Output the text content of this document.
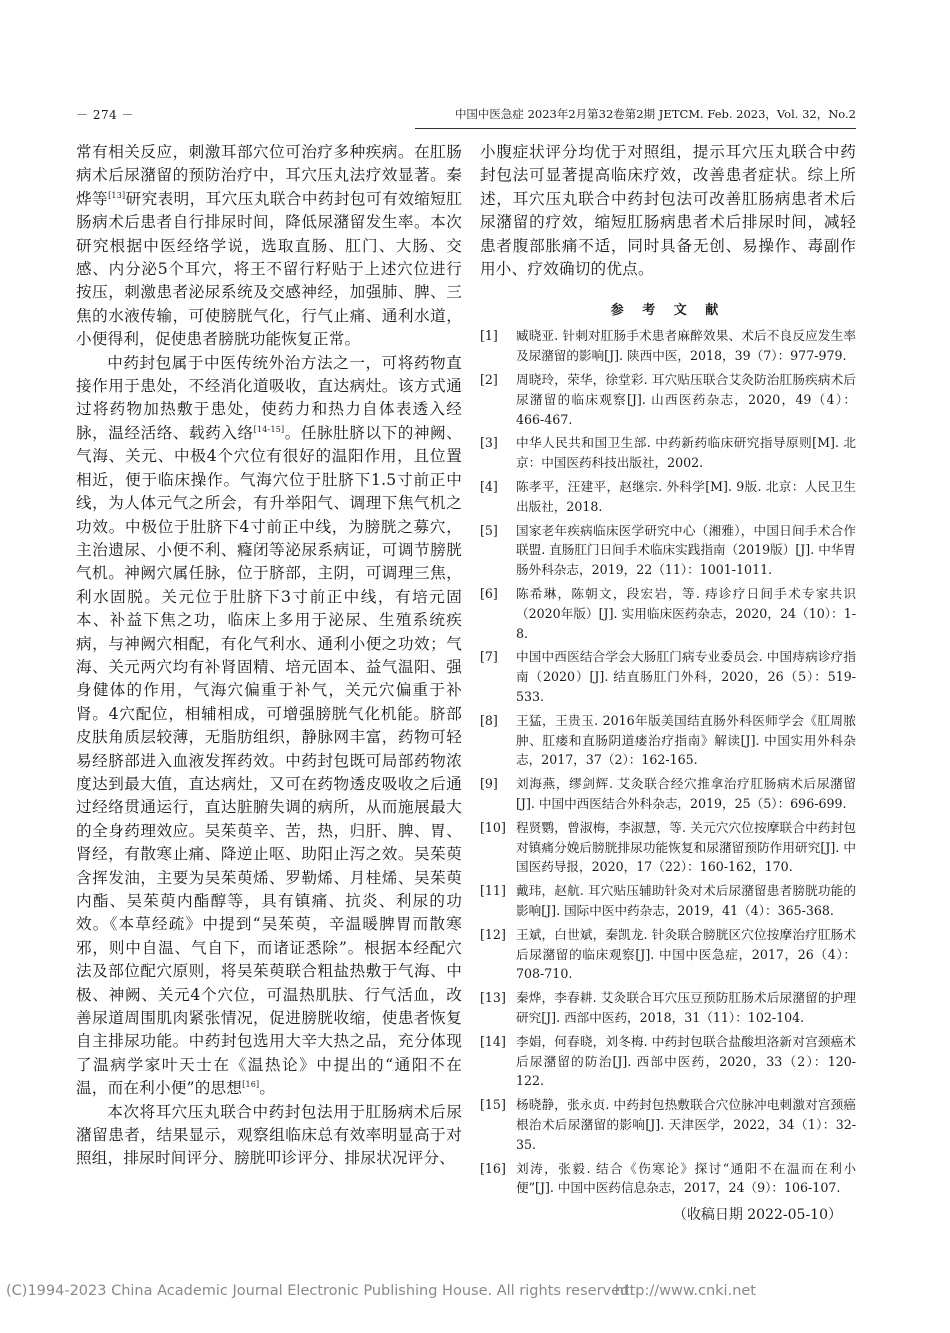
－ 274 －	中国中医急症 2023年2月第32卷第2期 JETCM. Feb. 2023，Vol. 32，No.2

常有相关反应，刺激耳部穴位可治疗多种疾病。在肛肠病术后尿潴留的预防治疗中，耳穴压丸法疗效显著。秦烨等[13]研究表明，耳穴压丸联合中药封包可有效缩短肛肠病术后患者自行排尿时间，降低尿潴留发生率。本次研究根据中医经络学说，选取直肠、肛门、大肠、交感、内分泌5个耳穴，将王不留行籽贴于上述穴位进行按压，刺激患者泌尿系统及交感神经，加强肺、脾、三焦的水液传输，可使膀胱气化，行气止痛、通利水道，小便得利，促使患者膀胱功能恢复正常。

中药封包属于中医传统外治方法之一，可将药物直接作用于患处，不经消化道吸收，直达病灶。该方式通过将药物加热敷于患处，使药力和热力自体表透入经脉，温经活络、载药入络[14-15]。任脉肚脐以下的神阙、气海、关元、中极4个穴位有很好的温阳作用，且位置相近，便于临床操作。气海穴位于肚脐下1.5寸前正中线，为人体元气之所会，有升举阳气、调理下焦气机之功效。中极位于肚脐下4寸前正中线，为膀胱之募穴，主治遗尿、小便不利、癃闭等泌尿系病证，可调节膀胱气机。神阙穴属任脉，位于脐部，主阴，可调理三焦，利水固脱。关元位于肚脐下3寸前正中线，有培元固本、补益下焦之功，临床上多用于泌尿、生殖系统疾病，与神阙穴相配，有化气利水、通利小便之功效；气海、关元两穴均有补肾固精、培元固本、益气温阳、强身健体的作用，气海穴偏重于补气，关元穴偏重于补肾。4穴配位，相辅相成，可增强膀胱气化机能。脐部皮肤角质层较薄，无脂肪组织，静脉网丰富，药物可轻易经脐部进入血液发挥药效。中药封包既可局部药物浓度达到最大值，直达病灶，又可在药物透皮吸收之后通过经络贯通运行，直达脏腑失调的病所，从而施展最大的全身药理效应。吴茱萸辛、苦，热，归肝、脾、胃、肾经，有散寒止痛、降逆止呕、助阳止泻之效。吴茱萸含挥发油，主要为吴茱萸烯、罗勒烯、月桂烯、吴茱萸内酯、吴茱萸内酯醇等，具有镇痛、抗炎、利尿的功效。《本草经疏》中提到“吴茱萸，辛温暖脾胃而散寒邪，则中自温、气自下，而诸证悉除”。根据本经配穴法及部位配穴原则，将吴茱萸联合粗盐热敷于气海、中极、神阙、关元4个穴位，可温热肌肤、行气活血，改善尿道周围肌肉紧张情况，促进膀胱收缩，使患者恢复自主排尿功能。中药封包选用大辛大热之品，充分体现了温病学家叶天士在《温热论》中提出的“通阳不在温，而在利小便”的思想[16]。

本次将耳穴压丸联合中药封包法用于肛肠病术后尿潴留患者，结果显示，观察组临床总有效率明显高于对照组，排尿时间评分、膀胱叩诊评分、排尿状况评分、

小腹症状评分均优于对照组，提示耳穴压丸联合中药封包法可显著提高临床疗效，改善患者症状。综上所述，耳穴压丸联合中药封包法可改善肛肠病患者术后尿潴留的疗效，缩短肛肠病患者术后排尿时间，减轻患者腹部胀痛不适，同时具备无创、易操作、毒副作用小、疗效确切的优点。

参 考 文 献
[1]	臧晓亚. 针刺对肛肠手术患者麻醉效果、术后不良反应发生率及尿潴留的影响[J]. 陕西中医，2018，39（7）：977-979.
[2]	周晓玲，荣华，徐堂彩. 耳穴贴压联合艾灸防治肛肠疾病术后尿潴留的临床观察[J]. 山西医药杂志，2020，49（4）：466-467.
[3]	中华人民共和国卫生部. 中药新药临床研究指导原则[M]. 北京：中国医药科技出版社，2002.
[4]	陈孝平，汪建平，赵继宗. 外科学[M]. 9版. 北京：人民卫生出版社，2018.
[5]	国家老年疾病临床医学研究中心（湘雅），中国日间手术合作联盟. 直肠肛门日间手术临床实践指南（2019版）[J]. 中华胃肠外科杂志，2019，22（11）：1001-1011.
[6]	陈希琳，陈朝文，段宏岩，等. 痔诊疗日间手术专家共识（2020年版）[J]. 实用临床医药杂志，2020，24（10）：1-8.
[7]	中国中西医结合学会大肠肛门病专业委员会. 中国痔病诊疗指南（2020）[J]. 结直肠肛门外科，2020，26（5）：519-533.
[8]	王猛，王贵玉. 2016年版美国结直肠外科医师学会《肛周脓肿、肛瘘和直肠阴道瘘治疗指南》解读[J]. 中国实用外科杂志，2017，37（2）：162-165.
[9]	刘海燕，缪剑辉. 艾灸联合经穴推拿治疗肛肠病术后尿潴留[J]. 中国中西医结合外科杂志，2019，25（5）：696-699.
[10] 程贤鹦，曾淑梅，李淑慧，等. 关元穴穴位按摩联合中药封包对镇痛分娩后膀胱排尿功能恢复和尿潴留预防作用研究[J]. 中国医药导报，2020，17（22）：160-162，170.
[11] 戴玮，赵航. 耳穴贴压辅助针灸对术后尿潴留患者膀胱功能的影响[J]. 国际中医中药杂志，2019，41（4）：365-368.
[12] 王斌，白世斌，秦凯龙. 针灸联合膀胱区穴位按摩治疗肛肠术后尿潴留的临床观察[J]. 中国中医急症，2017，26（4）：708-710.
[13] 秦烨，李春耕. 艾灸联合耳穴压豆预防肛肠术后尿潴留的护理研究[J]. 西部中医药，2018，31（11）：102-104.
[14] 李娟，何春晓，刘冬梅. 中药封包联合盐酸坦洛新对宫颈癌术后尿潴留的防治[J]. 西部中医药，2020，33（2）：120-122.
[15] 杨晓静，张永贞. 中药封包热敷联合穴位脉冲电刺激对宫颈癌根治术后尿潴留的影响[J]. 天津医学，2022，34（1）：32-35.
[16] 刘涛，张毅. 结合《伤寒论》探讨“通阳不在温而在利小便”[J]. 中国中医药信息杂志，2017，24（9）：106-107.
（收稿日期 2022-05-10）
(C)1994-2023 China Academic Journal Electronic Publishing House. All rights reserved.
http://www.cnki.net
